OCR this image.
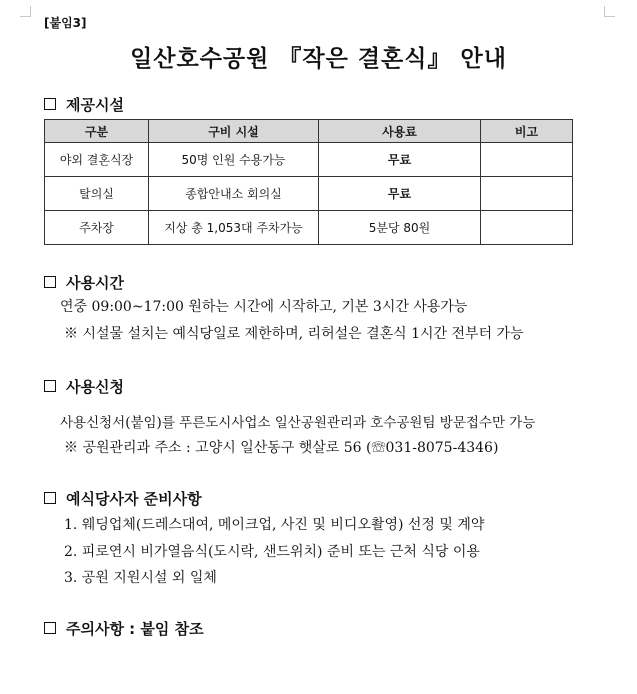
[붙임3]
일산호수공원 『작은 결혼식』 안내
제공시설
구분	구비 시설	사용료	비고
야외 결혼식장	50명 인원 수용가능	무료	
탈의실	종합안내소 회의실	무료	
주차장	지상 총 1,053대 주차가능	5분당 80원	
사용시간
연중 09:00~17:00 원하는 시간에 시작하고, 기본 3시간 사용가능
※ 시설물 설치는 예식당일로 제한하며, 리허설은 결혼식 1시간 전부터 가능
사용신청
사용신청서(붙임)를 푸른도시사업소 일산공원관리과 호수공원팀 방문접수만 가능
※ 공원관리과 주소 : 고양시 일산동구 햇살로 56 (☏031-8075-4346)
예식당사자 준비사항
1. 웨딩업체(드레스대여, 메이크업, 사진 및 비디오촬영) 선정 및 계약
2. 피로연시 비가열음식(도시락, 샌드위치) 준비 또는 근처 식당 이용
3. 공원 지원시설 외 일체
주의사항 : 붙임 참조
